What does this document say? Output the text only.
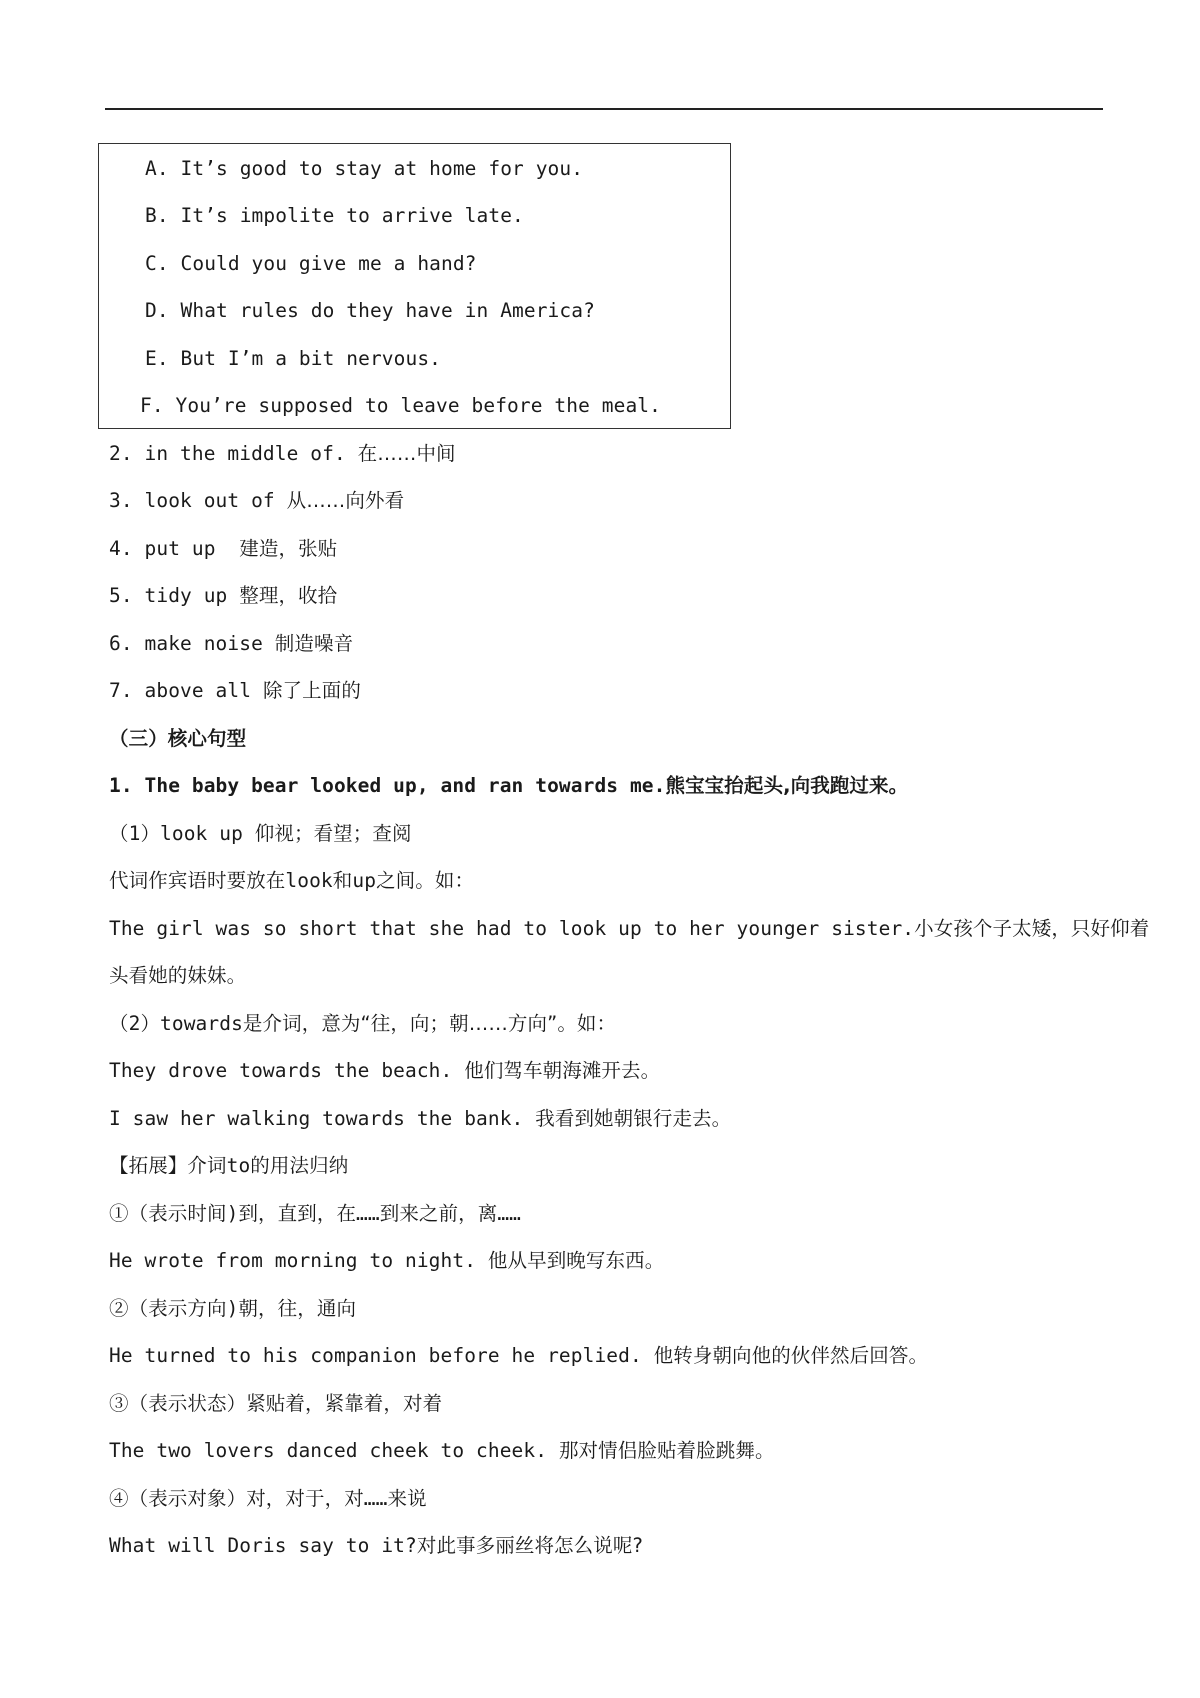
A. It’s good to stay at home for you.
B. It’s impolite to arrive late.
C. Could you give me a hand?
D. What rules do they have in America?
E. But I’m a bit nervous.
F. You’re supposed to leave before the meal.
2. in the middle of. 在……中间
3. look out of 从……向外看
4. put up 建造，张贴
5. tidy up 整理，收拾
6. make noise 制造噪音
7. above all 除了上面的
（三）核心句型
1. The baby bear looked up, and ran towards me.熊宝宝抬起头,向我跑过来。
（1）look up 仰视；看望；查阅
代词作宾语时要放在look和up之间。如：
The girl was so short that she had to look up to her younger sister.小女孩个子太矮，只好仰着
头看她的妹妹。
（2）towards是介词，意为“往，向；朝……方向”。如：
They drove towards the beach. 他们驾车朝海滩开去。
I saw her walking towards the bank. 我看到她朝银行走去。
【拓展】介词to的用法归纳
①（表示时间)到，直到，在……到来之前，离……
He wrote from morning to night. 他从早到晚写东西。
②（表示方向)朝，往，通向
He turned to his companion before he replied. 他转身朝向他的伙伴然后回答。
③（表示状态）紧贴着，紧靠着，对着
The two lovers danced cheek to cheek. 那对情侣脸贴着脸跳舞。
④（表示对象）对，对于，对……来说
What will Doris say to it?对此事多丽丝将怎么说呢?
